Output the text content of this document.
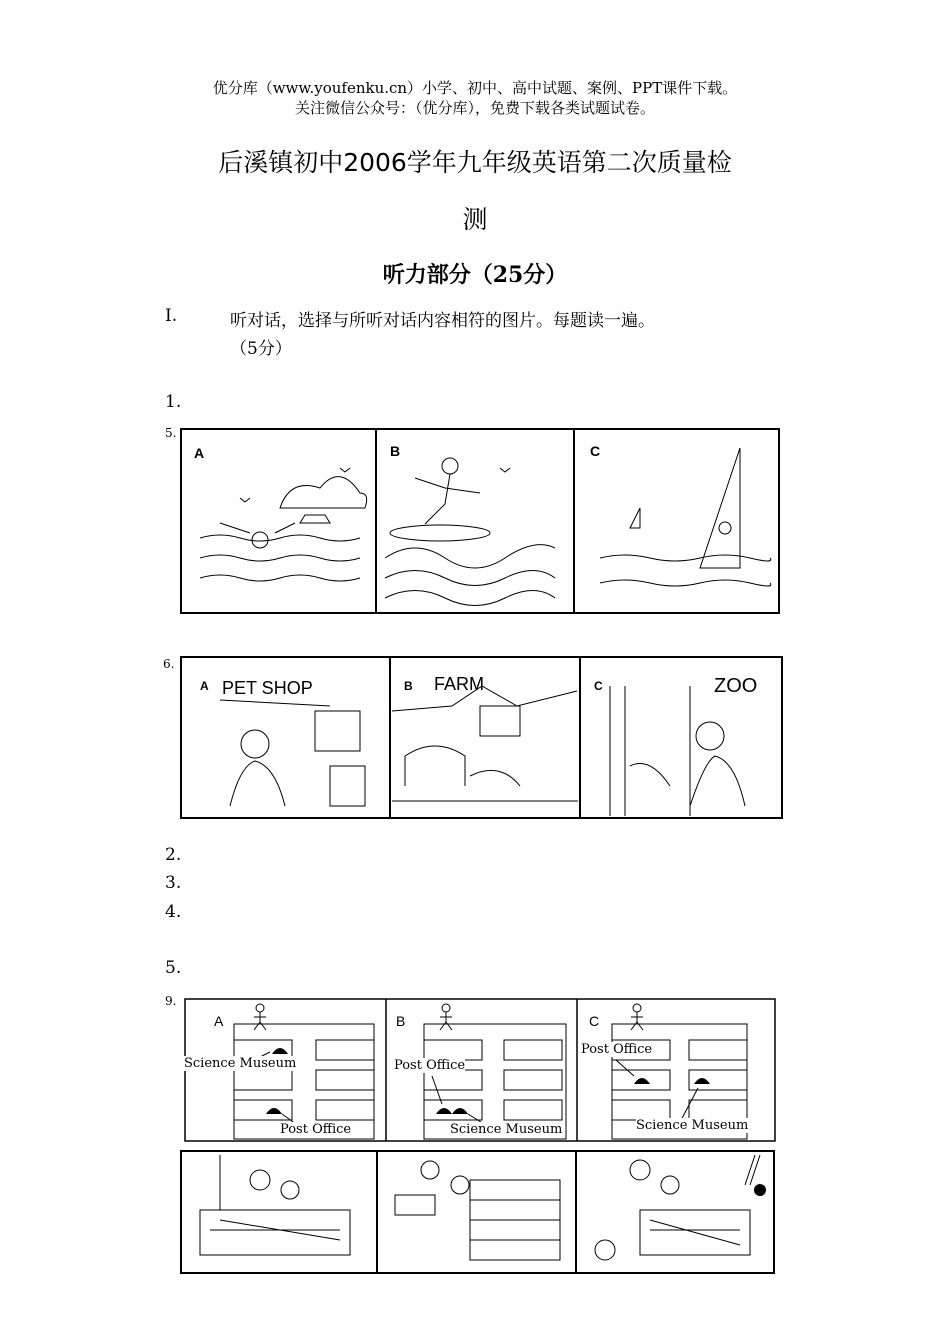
优分库（www.youfenku.cn）小学、初中、高中试题、案例、PPT课件下载。
关注微信公众号：（优分库），免费下载各类试题试卷。
后溪镇初中2006学年九年级英语第二次质量检
测
听力部分（25分）
I.	听对话，选择与所听对话内容相符的图片。每题读一遍。
（5分）
1.
5.
A	B	C
6.
A PET SHOP	B FARM	C	ZOO
2.
3.
4.
5.
9.
A	B	C
Science Museum
Post Office
Post Office
Science Museum
Post Office
Science Museum
